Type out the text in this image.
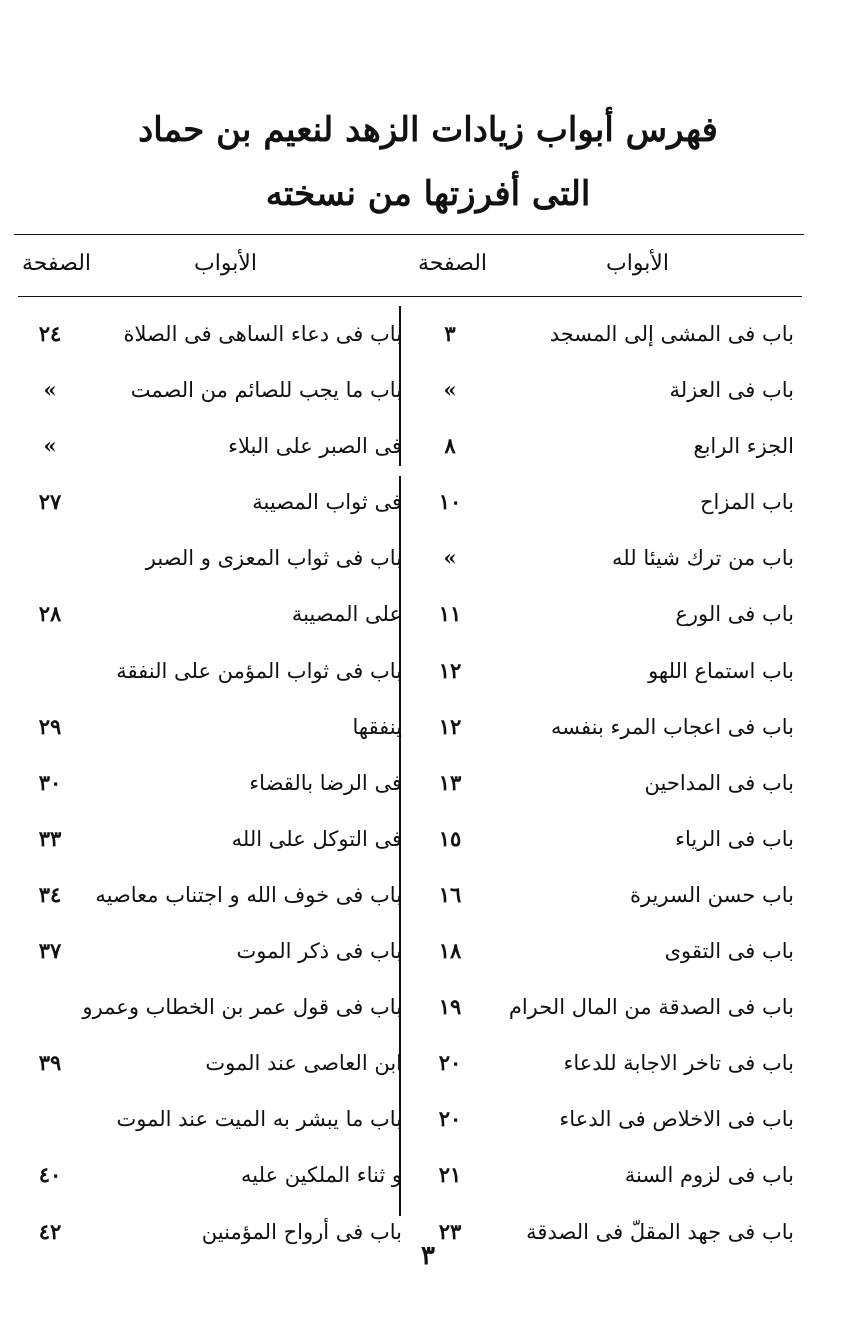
فهرس أبواب زيادات الزهد لنعيم بن حماد
التى أفرزتها من نسخته
الأبواب
الصفحة
الأبواب
الصفحة
باب فى المشى إلى المسجد
٣
باب فى دعاء الساهى فى الصلاة
٢٤
باب فى العزلة
»
باب ما يجب للصائم من الصمت
»
الجزء الرابع
٨
فى الصبر على البلاء
»
باب المزاح
١٠
فى ثواب المصيبة
٢٧
باب من ترك شيئا لله
»
باب فى ثواب المعزى و الصبر
باب فى الورع
١١
على المصيبة
٢٨
باب استماع اللهو
١٢
باب فى ثواب المؤمن على النفقة
باب فى اعجاب المرء بنفسه
١٢
ينفقها
٢٩
باب فى المداحين
١٣
فى الرضا بالقضاء
٣٠
باب فى الرياء
١٥
فى التوكل على الله
٣٣
باب حسن السريرة
١٦
باب فى خوف الله و اجتناب معاصيه
٣٤
باب فى التقوى
١٨
باب فى ذكر الموت
٣٧
باب فى الصدقة من المال الحرام
١٩
باب فى قول عمر بن الخطاب وعمرو
باب فى تاخر الاجابة للدعاء
٢٠
ابن العاصى عند الموت
٣٩
باب فى الاخلاص فى الدعاء
٢٠
باب ما يبشر به الميت عند الموت
باب فى لزوم السنة
٢١
و ثناء الملكين عليه
٤٠
باب فى جهد المقلّ فى الصدقة
٢٣
باب فى أرواح المؤمنين
٤٢
٣
